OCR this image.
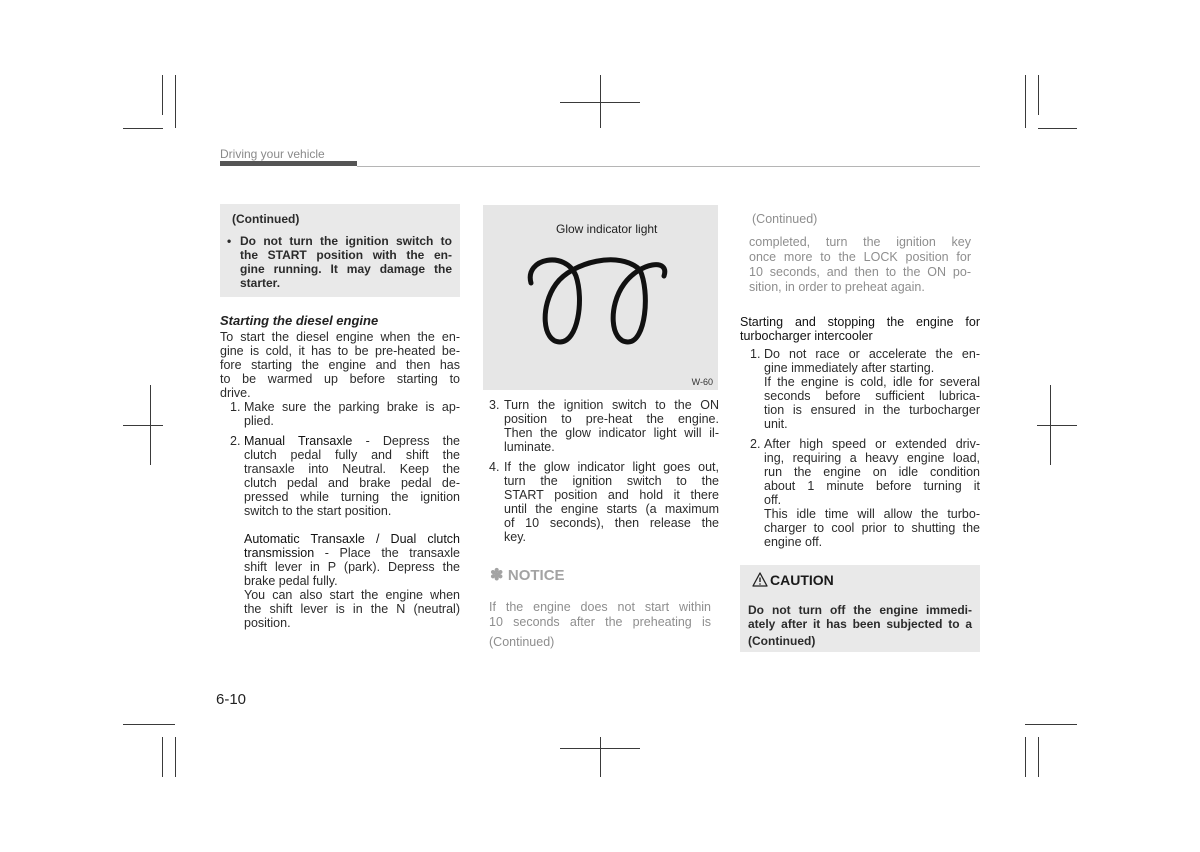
Driving your vehicle
(Continued)
• Do not turn the ignition switch to
the START position with the en-
gine running. It may damage the
starter.
Starting the diesel engine
To start the diesel engine when the en-
gine is cold, it has to be pre-heated be-
fore starting the engine and then has
to be warmed up before starting to
drive.
1. Make sure the parking brake is ap-
plied.
2. Manual Transaxle - Depress the
clutch pedal fully and shift the
transaxle into Neutral. Keep the
clutch pedal and brake pedal de-
pressed while turning the ignition
switch to the start position.
Automatic Transaxle / Dual clutch
transmission - Place the transaxle
shift lever in P (park). Depress the
brake pedal fully.
You can also start the engine when
the shift lever is in the N (neutral)
position.
Glow indicator light
W-60
3. Turn the ignition switch to the ON
position to pre-heat the engine.
Then the glow indicator light will il-
luminate.
4. If the glow indicator light goes out,
turn the ignition switch to the
START position and hold it there
until the engine starts (a maximum
of 10 seconds), then release the
key.
✽ NOTICE
If the engine does not start within
10 seconds after the preheating is
(Continued)
(Continued)
completed, turn the ignition key
once more to the LOCK position for
10 seconds, and then to the ON po-
sition, in order to preheat again.
Starting and stopping the engine for
turbocharger intercooler
1. Do not race or accelerate the en-
gine immediately after starting.
If the engine is cold, idle for several
seconds before sufficient lubrica-
tion is ensured in the turbocharger
unit.
2. After high speed or extended driv-
ing, requiring a heavy engine load,
run the engine on idle condition
about 1 minute before turning it
off.
This idle time will allow the turbo-
charger to cool prior to shutting the
engine off.
CAUTION
Do not turn off the engine immedi-
ately after it has been subjected to a
(Continued)
6-10
